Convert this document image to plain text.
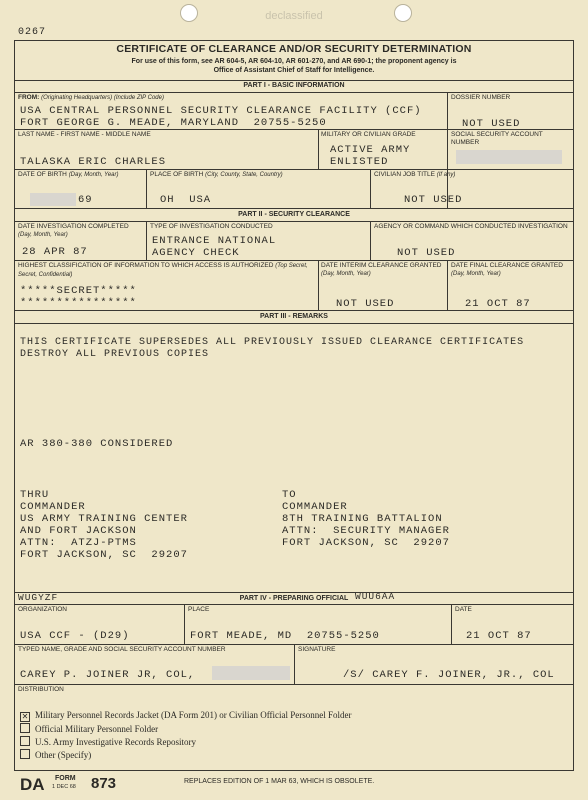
declassified
0267
CERTIFICATE OF CLEARANCE AND/OR SECURITY DETERMINATION
For use of this form, see AR 604-5, AR 604-10, AR 601-270, and AR 690-1; the proponent agency is
Office of Assistant Chief of Staff for Intelligence.
PART I - BASIC INFORMATION
FROM: (Originating Headquarters) (Include ZIP Code)
USA CENTRAL PERSONNEL SECURITY CLEARANCE FACILITY (CCF)
FORT GEORGE G. MEADE, MARYLAND  20755-5250
DOSSIER NUMBER
NOT USED
LAST NAME - FIRST NAME - MIDDLE NAME
TALASKA ERIC CHARLES
MILITARY OR CIVILIAN GRADE
ACTIVE ARMY
ENLISTED
SOCIAL SECURITY ACCOUNT NUMBER
DATE OF BIRTH (Day, Month, Year)
69
PLACE OF BIRTH (City, County, State, Country)
OH  USA
CIVILIAN JOB TITLE (If any)
NOT USED
PART II - SECURITY CLEARANCE
DATE INVESTIGATION COMPLETED (Day, Month, Year)
28 APR 87
TYPE OF INVESTIGATION CONDUCTED
ENTRANCE NATIONAL
AGENCY CHECK
AGENCY OR COMMAND WHICH CONDUCTED INVESTIGATION
NOT USED
HIGHEST CLASSIFICATION OF INFORMATION TO WHICH ACCESS IS AUTHORIZED (Top Secret, Secret, Confidential)
*****SECRET*****
****************
DATE INTERIM CLEARANCE GRANTED (Day, Month, Year)
NOT USED
DATE FINAL CLEARANCE GRANTED (Day, Month, Year)
21 OCT 87
PART III - REMARKS
THIS CERTIFICATE SUPERSEDES ALL PREVIOUSLY ISSUED CLEARANCE CERTIFICATES
DESTROY ALL PREVIOUS COPIES
AR 380-380 CONSIDERED
THRU
COMMANDER
US ARMY TRAINING CENTER
AND FORT JACKSON
ATTN:  ATZJ-PTMS
FORT JACKSON, SC  29207
TO
COMMANDER
8TH TRAINING BATTALION
ATTN:  SECURITY MANAGER
FORT JACKSON, SC  29207
WUGYZF	PART IV - PREPARING OFFICIAL WUU6AA
ORGANIZATION
USA CCF - (D29)
PLACE
FORT MEADE, MD  20755-5250
DATE
21 OCT 87
TYPED NAME, GRADE AND SOCIAL SECURITY ACCOUNT NUMBER
CAREY P. JOINER JR, COL,
SIGNATURE
/S/ CAREY F. JOINER, JR., COL
DISTRIBUTION
✕ Military Personnel Records Jacket (DA Form 201) or Civilian Official Personnel Folder
Official Military Personnel Folder
U.S. Army Investigative Records Repository
Other (Specify)
DA FORM
1 DEC 68 873	REPLACES EDITION OF 1 MAR 63, WHICH IS OBSOLETE.
